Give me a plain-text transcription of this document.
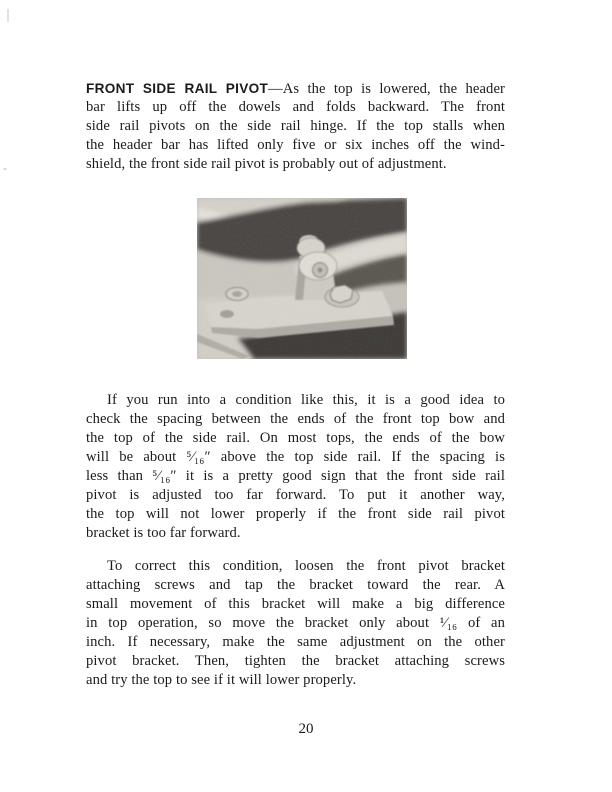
FRONT SIDE RAIL PIVOT—As the top is lowered, the header
bar lifts up off the dowels and folds backward. The front
side rail pivots on the side rail hinge. If the top stalls when
the header bar has lifted only five or six inches off the wind-
shield, the front side rail pivot is probably out of adjustment.
If you run into a condition like this, it is a good idea to
check the spacing between the ends of the front top bow and
the top of the side rail. On most tops, the ends of the bow
will be about ⁵⁄₁₆″ above the top side rail. If the spacing is
less than ⁵⁄₁₆″ it is a pretty good sign that the front side rail
pivot is adjusted too far forward. To put it another way,
the top will not lower properly if the front side rail pivot
bracket is too far forward.
To correct this condition, loosen the front pivot bracket
attaching screws and tap the bracket toward the rear. A
small movement of this bracket will make a big difference
in top operation, so move the bracket only about ¹⁄₁₆ of an
inch. If necessary, make the same adjustment on the other
pivot bracket. Then, tighten the bracket attaching screws
and try the top to see if it will lower properly.
20
